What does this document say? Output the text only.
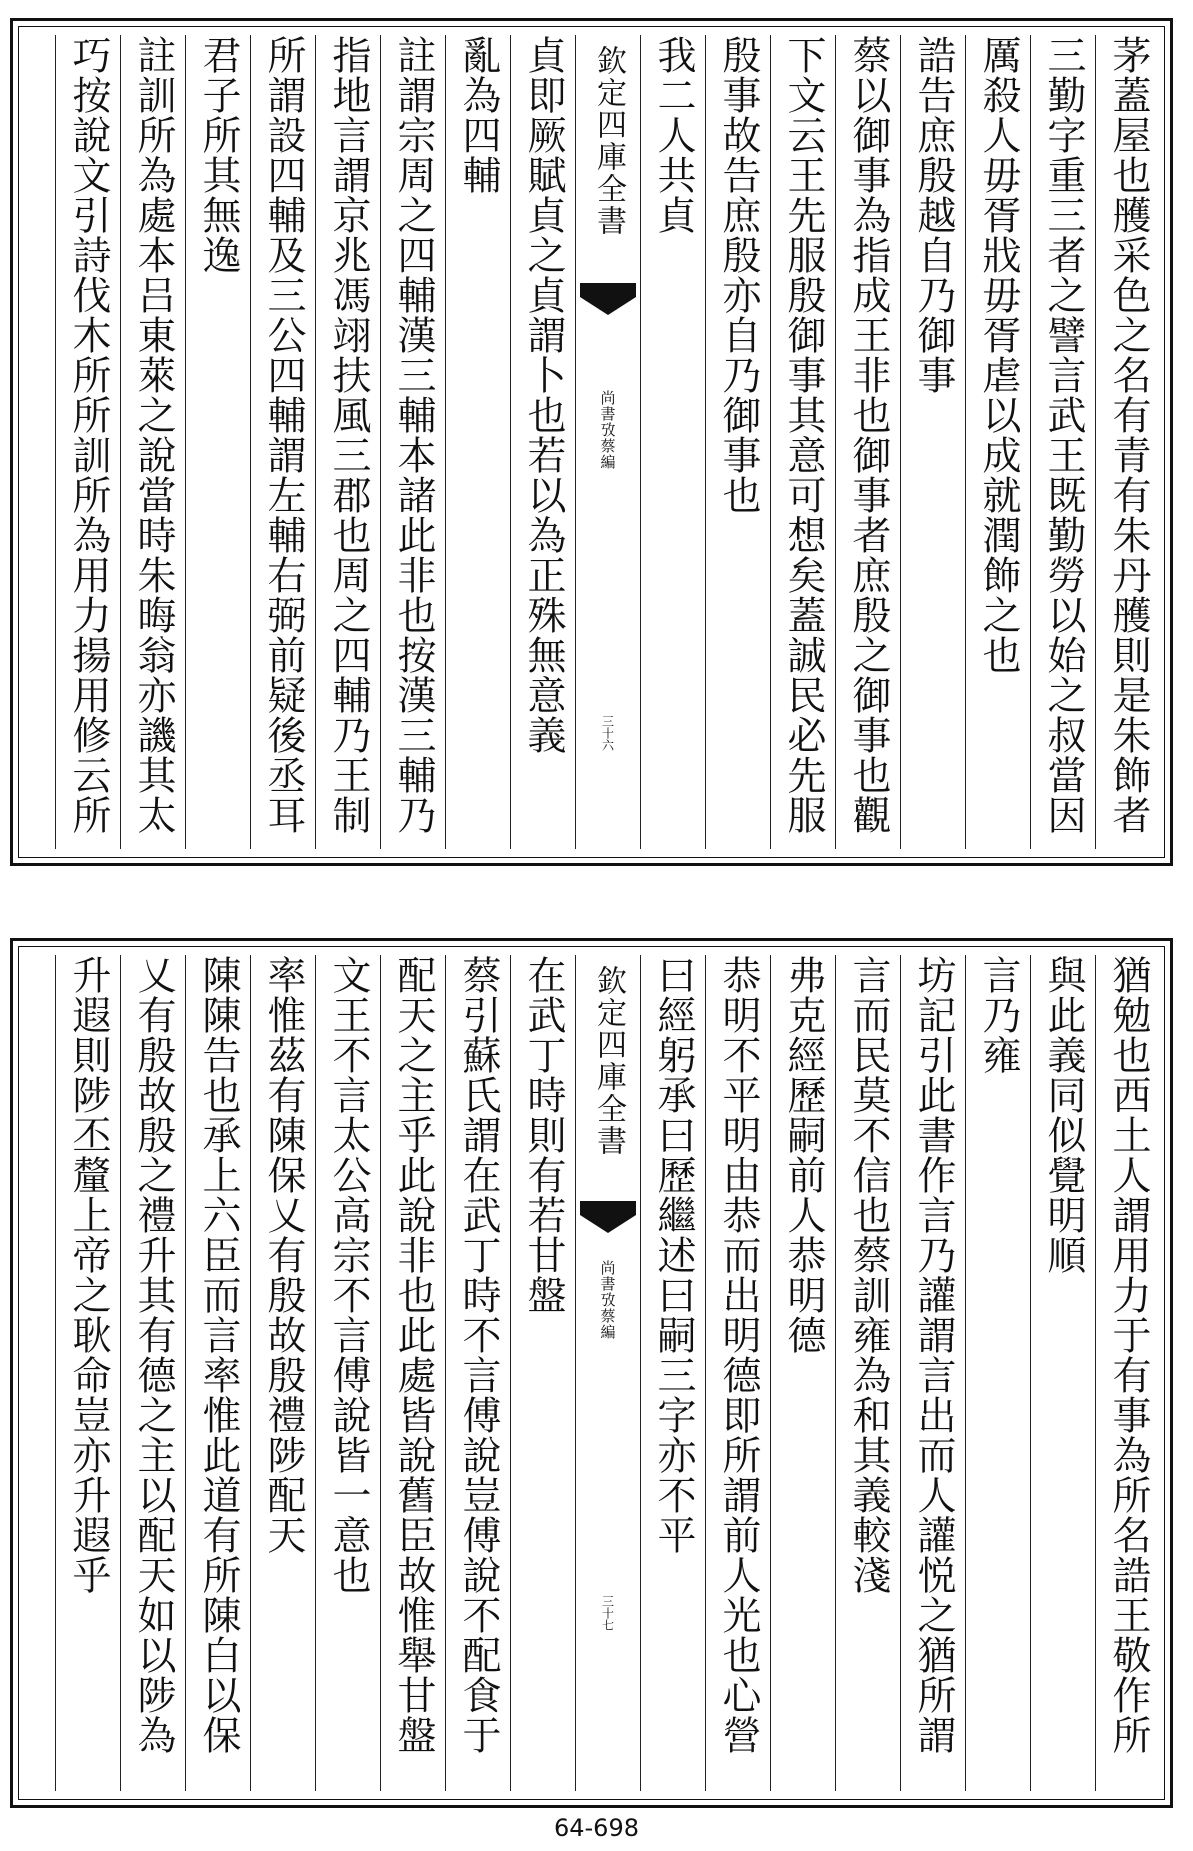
茅蓋屋也雘采色之名有青有朱丹雘則是朱飾者
三勤字重三者之譬言武王既勤勞以始之叔當因
厲殺人毋胥戕毋胥虐以成就潤飾之也
誥告庶殷越自乃御事
蔡以御事為指成王非也御事者庶殷之御事也觀
下文云王先服殷御事其意可想矣蓋誠民必先服
殷事故告庶殷亦自乃御事也
我二人共貞
欽定四庫全書
尚書攷蔡編
三十六
貞即厥賦貞之貞謂卜也若以為正殊無意義
亂為四輔
註謂宗周之四輔漢三輔本諸此非也按漢三輔乃
指地言謂京兆馮翊扶風三郡也周之四輔乃王制
所謂設四輔及三公四輔謂左輔右弼前疑後丞耳
君子所其無逸
註訓所為處本吕東萊之說當時朱晦翁亦譏其太
巧按說文引詩伐木所所訓所為用力揚用修云所
猶勉也西土人謂用力于有事為所名誥王敬作所
與此義同似覺明順
言乃雍
坊記引此書作言乃讙謂言出而人讙悦之猶所謂
言而民莫不信也蔡訓雍為和其義較淺
弗克經歷嗣前人恭明德
恭明不平明由恭而出明德即所謂前人光也心營
曰經躬承曰歷繼述曰嗣三字亦不平
欽定四庫全書
尚書攷蔡編
三十七
在武丁時則有若甘盤
蔡引蘇氏謂在武丁時不言傅說豈傅說不配食于
配天之主乎此說非也此處皆說舊臣故惟舉甘盤
文王不言太公高宗不言傅說皆一意也
率惟茲有陳保乂有殷故殷禮陟配天
陳陳告也承上六臣而言率惟此道有所陳白以保
乂有殷故殷之禮升其有德之主以配天如以陟為
升遐則陟丕釐上帝之耿命豈亦升遐乎
64-698
